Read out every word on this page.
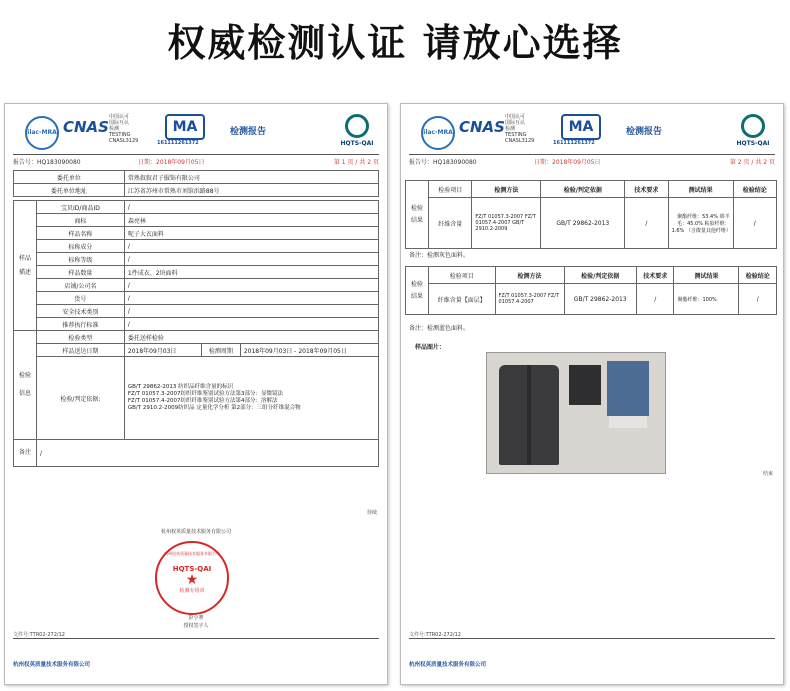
权威检测认证 请放心选择
ilac-MRA CNAS
中国认可
国际互认
检测
TESTING
CNASL3129
MA
161111261372
检测报告
HQTS-QAI
报告号：HQ183090080	日期：2018年09月05日	第 1 页 / 共 2 页
委托单位		常熟叙叙君子服饰有限公司		
委托单位地址		江苏省苏州市常熟市刘馆浜路88号		

样品描述	宝贝ID/商品ID	/		
	商标	森亮林		
	样品名称	呢子大衣面料		
	标称成分	/		
	标称等级	/		
	样品数量	1件成衣、2块面料		
	店铺/公司名	/		
	货号	/		
	安全技术类别	/		
	推荐执行标准	/		
检验信息	检验类型	委托送样检验		
	样品送达日期	2018年09月03日	检测周期	2018年09月03日 - 2018年09月05日
	检验/判定依据:	GB/T 29862-2013 纺织品纤维含量的标识
FZ/T 01057.3-2007纺织纤维鉴别试验方法第3部分：显微镜法
FZ/T 01057.4-2007纺织纤维鉴别试验方法第4部分：溶解法
GB/T 2910.2-2009纺织品 定量化学分析 第2部分：三组分纤维混合物		

备注	/			
待续
杭州权英质量技术服务有限公司
杭州权英质量技术服务有限公司
HQTS-QAI
★
检测专用章
彭小赛
授权签字人
文件号:TTR02-272/12
杭州权英质量技术服务有限公司
ilac-MRA CNAS
中国认可
国际互认
检测
TESTING
CNASL3129
MA
161111261372
检测报告
HQTS-QAI
报告号：HQ183090080	日期：2018年09月05日	第 2 页 / 共 2 页
检验结果	检验项目	检测方法	检验/判定依据	技术要求	测试结果	检验结论
	纤维含量	FZ/T 01057.3-2007 FZ/T 01057.4-2007 GB/T 2910.2-2009	GB/T 29862-2013	/	聚酯纤维：53.4% 绵羊毛：45.0% 粘胶纤维：1.6% （含微量其他纤维）	/
备注：检测灰色面料。
检验结果	检验项目	检测方法	检验/判定依据	技术要求	测试结果	检验结论
	纤维含量【面层】	FZ/T 01057.3-2007 FZ/T 01057.4-2007	GB/T 29862-2013	/	聚酯纤维：100%	/
备注：检测蓝色面料。
样品图片：
结束
文件号:TTR02-272/12
杭州权英质量技术服务有限公司
